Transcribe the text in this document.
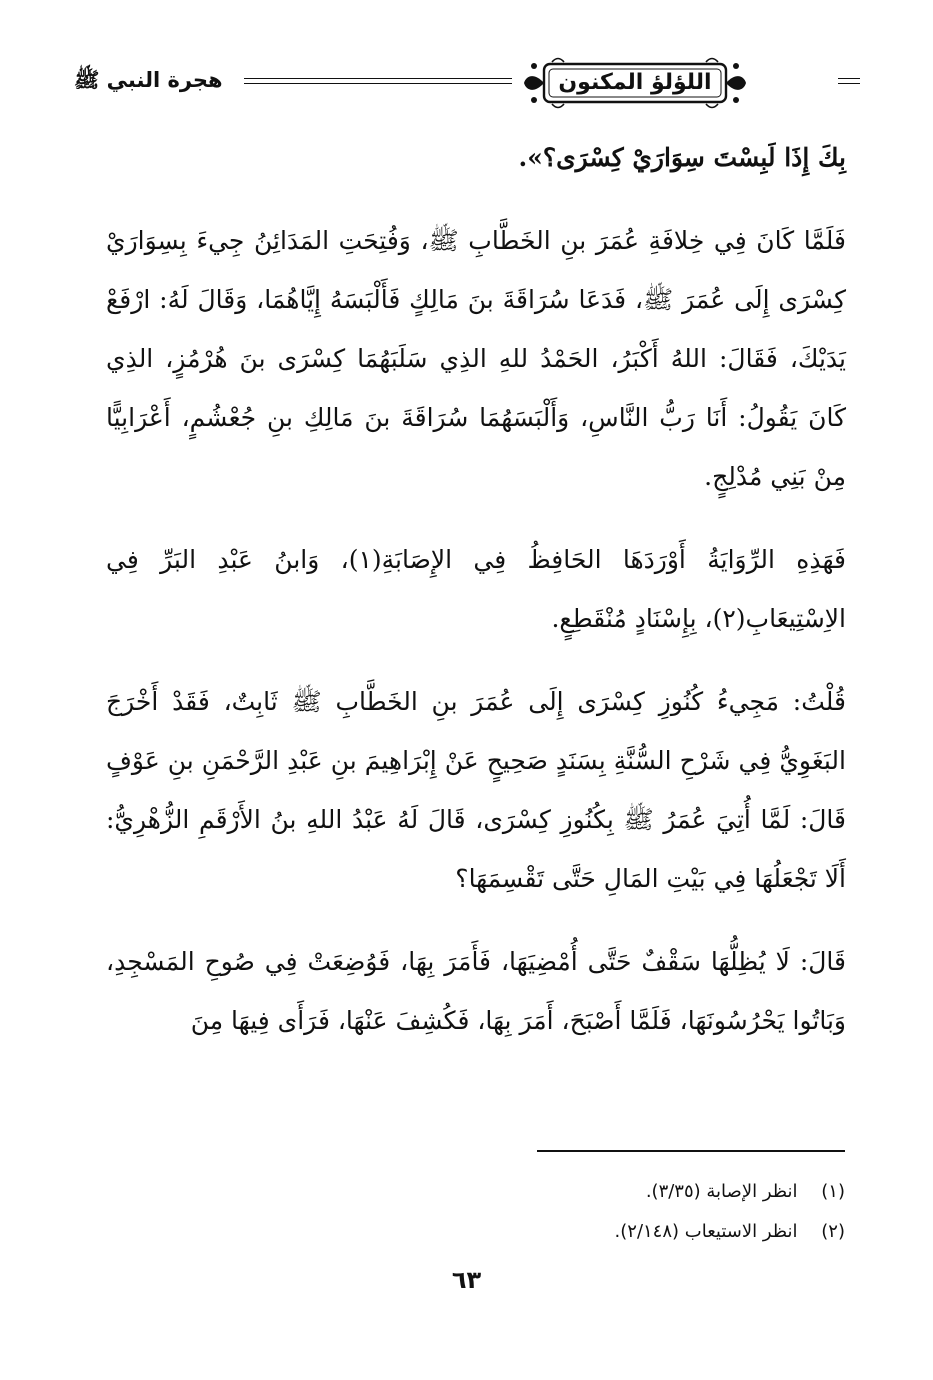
اللؤلؤ المكنون
هجرة النبي ﷺ

بِكَ إِذَا لَبِسْتَ سِوَارَيْ كِسْرَى؟».

فَلَمَّا كَانَ فِي خِلافَةِ عُمَرَ بنِ الخَطَّابِ ﷺ، وَفُتِحَتِ المَدَائِنُ جِيءَ بِسِوَارَيْ كِسْرَى إِلَى عُمَرَ ﷺ، فَدَعَا سُرَاقَةَ بنَ مَالِكٍ فَأَلْبَسَهُ إِيَّاهُمَا، وَقَالَ لَهُ: ارْفَعْ يَدَيْكَ، فَقَالَ: اللهُ أَكْبَرُ، الحَمْدُ للهِ الذِي سَلَبَهُمَا كِسْرَى بنَ هُرْمُزٍ، الذِي كَانَ يَقُولُ: أَنَا رَبُّ النَّاسِ، وَأَلْبَسَهُمَا سُرَاقَةَ بنَ مَالِكِ بنِ جُعْشُمٍ، أَعْرَابِيًّا مِنْ بَنِي مُدْلِجٍ.

فَهَذِهِ الرِّوَايَةُ أَوْرَدَهَا الحَافِظُ فِي الإِصَابَةِ(١)، وَابنُ عَبْدِ البَرِّ فِي الاِسْتِيعَابِ(٢)، بِإِسْنَادٍ مُنْقَطِعٍ.

قُلْتُ: مَجِيءُ كُنُوزِ كِسْرَى إِلَى عُمَرَ بنِ الخَطَّابِ ﷺ ثَابِتٌ، فَقَدْ أَخْرَجَ البَغَوِيُّ فِي شَرْحِ السُّنَّةِ بِسَنَدٍ صَحِيحٍ عَنْ إِبْرَاهِيمَ بنِ عَبْدِ الرَّحْمَنِ بنِ عَوْفٍ قَالَ: لَمَّا أُتِيَ عُمَرُ ﷺ بِكُنُوزِ كِسْرَى، قَالَ لَهُ عَبْدُ اللهِ بنُ الأَرْقَمِ الزُّهْرِيُّ: أَلَا تَجْعَلُهَا فِي بَيْتِ المَالِ حَتَّى تَقْسِمَهَا؟

قَالَ: لَا يُظِلُّهَا سَقْفٌ حَتَّى أُمْضِيَهَا، فَأَمَرَ بِهَا، فَوُضِعَتْ فِي صُوحِ المَسْجِدِ، وَبَاتُوا يَحْرُسُونَهَا، فَلَمَّا أَصْبَحَ، أَمَرَ بِهَا، فَكُشِفَ عَنْهَا، فَرَأَى فِيهَا مِنَ

(١) انظر الإصابة (٣/٣٥).
(٢) انظر الاستيعاب (٢/١٤٨).
٦٣
